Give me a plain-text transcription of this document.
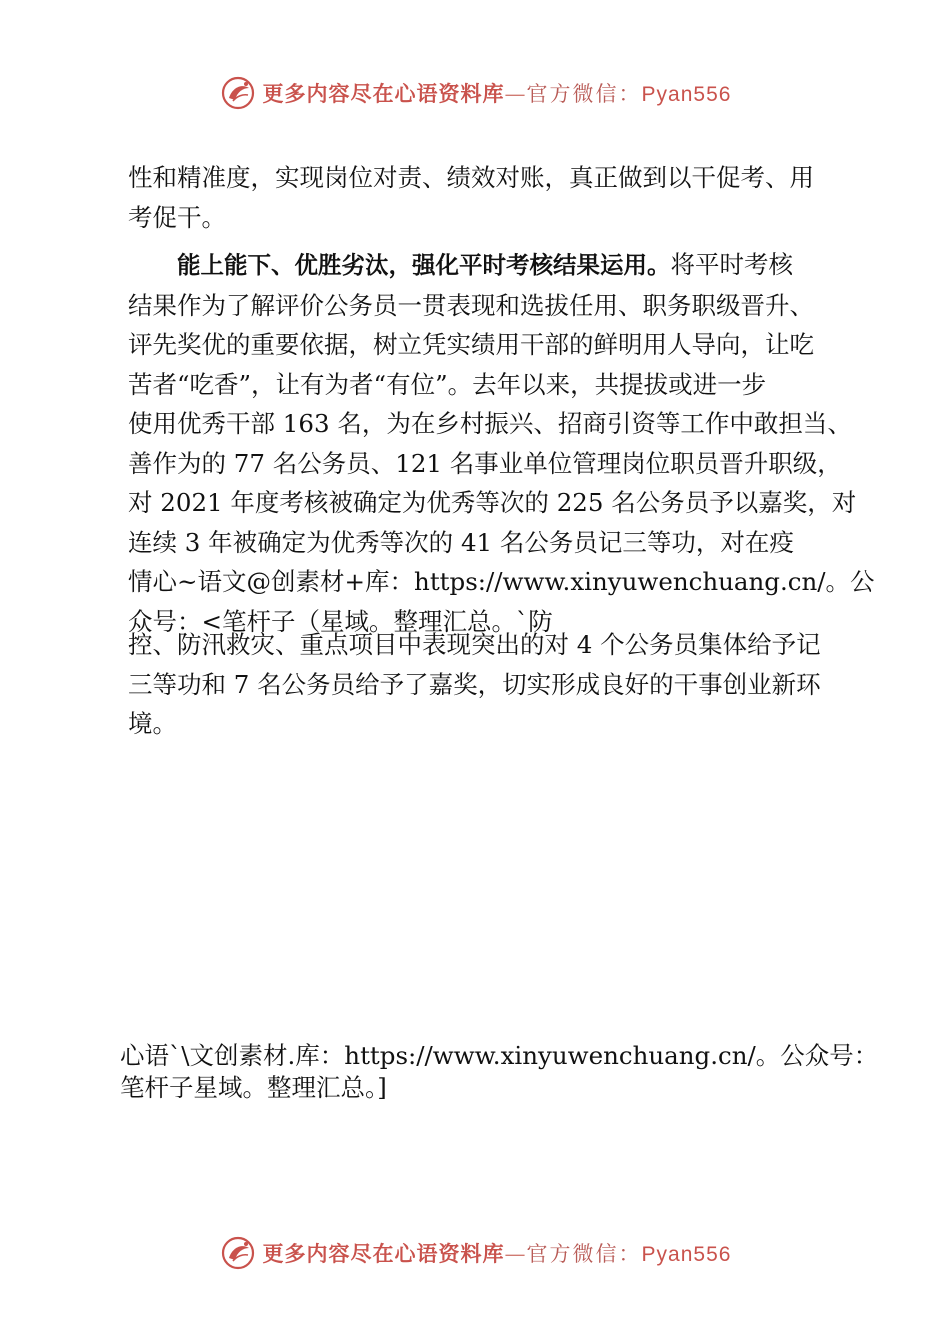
更多内容尽在心语资料库—官方微信：Pyan556
性和精准度，实现岗位对责、绩效对账，真正做到以干促考、用
考促干。
能上能下、优胜劣汰，强化平时考核结果运用。将平时考核
结果作为了解评价公务员一贯表现和选拔任用、职务职级晋升、
评先奖优的重要依据，树立凭实绩用干部的鲜明用人导向，让吃
苦者“吃香”，让有为者“有位”。去年以来，共提拔或进一步
使用优秀干部 163 名，为在乡村振兴、招商引资等工作中敢担当、
善作为的 77 名公务员、121 名事业单位管理岗位职员晋升职级，
对 2021 年度考核被确定为优秀等次的 225 名公务员予以嘉奖，对
连续 3 年被确定为优秀等次的 41 名公务员记三等功，对在疫
情心~语文@创素材+库：https://www.xinyuwenchuang.cn/。公
众号：<笔杆子（星域。整理汇总。`防
控、防汛救灾、重点项目中表现突出的对 4 个公务员集体给予记
三等功和 7 名公务员给予了嘉奖，切实形成良好的干事创业新环
境。
心语`\文创素材.库：https://www.xinyuwenchuang.cn/。公众号：
笔杆子星域。整理汇总。]
更多内容尽在心语资料库—官方微信：Pyan556
